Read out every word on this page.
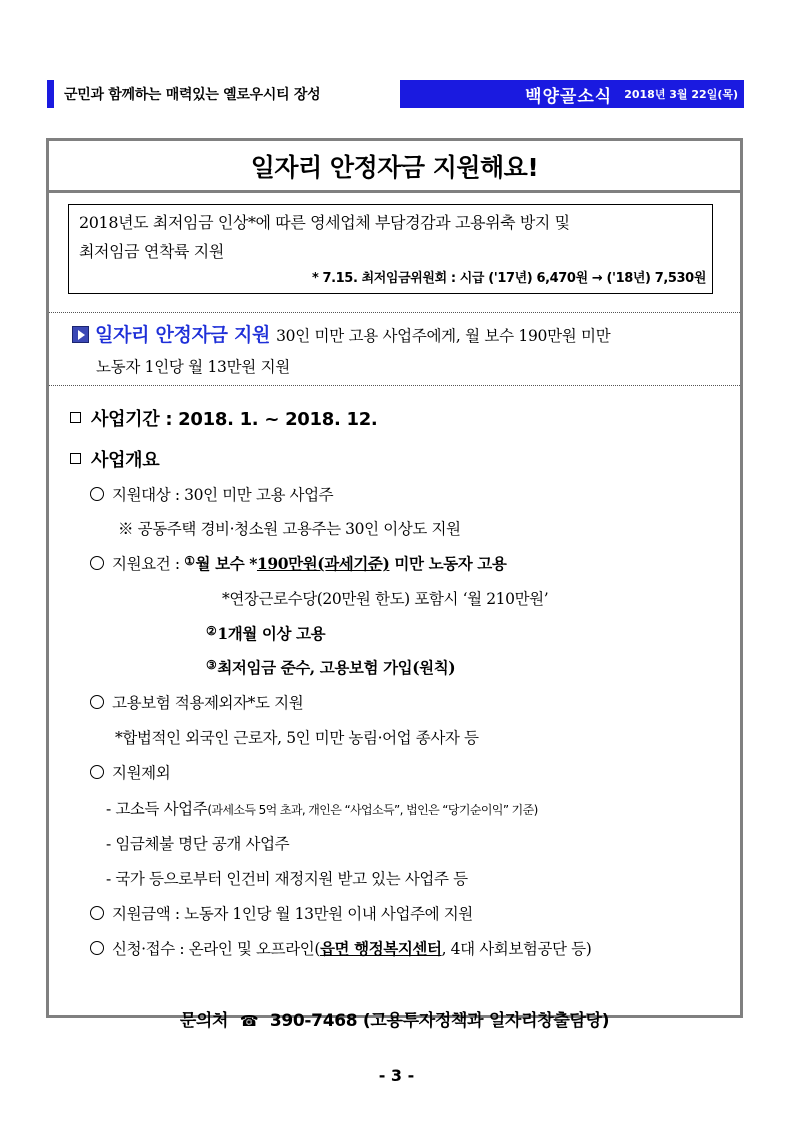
군민과 함께하는 매력있는 옐로우시티 장성	백양골소식 2018년 3월 22일(목)
일자리 안정자금 지원해요!
2018년도 최저임금 인상*에 따른 영세업체 부담경감과 고용위축 방지 및
최저임금 연착륙 지원
* 7.15. 최저임금위원회 : 시급 ('17년) 6,470원 → ('18년) 7,530원
일자리 안정자금 지원 30인 미만 고용 사업주에게, 월 보수 190만원 미만
노동자 1인당 월 13만원 지원
사업기간 : 2018. 1. ~ 2018. 12.
사업개요
지원대상 : 30인 미만 고용 사업주
※ 공동주택 경비·청소원 고용주는 30인 이상도 지원
지원요건 : ①월 보수 *190만원(과세기준) 미만 노동자 고용
*연장근로수당(20만원 한도) 포함시 ‘월 210만원’
②1개월 이상 고용
③최저임금 준수, 고용보험 가입(원칙)
고용보험 적용제외자*도 지원
*합법적인 외국인 근로자, 5인 미만 농림·어업 종사자 등
지원제외
- 고소득 사업주(과세소득 5억 초과, 개인은 “사업소득”, 법인은 “당기순이익” 기준)
- 임금체불 명단 공개 사업주
- 국가 등으로부터 인건비 재정지원 받고 있는 사업주 등
지원금액 : 노동자 1인당 월 13만원 이내 사업주에 지원
신청·접수 : 온라인 및 오프라인(읍면 행정복지센터, 4대 사회보험공단 등)
문의처 ☎ 390-7468 (고용투자정책과 일자리창출담당)
- 3 -
